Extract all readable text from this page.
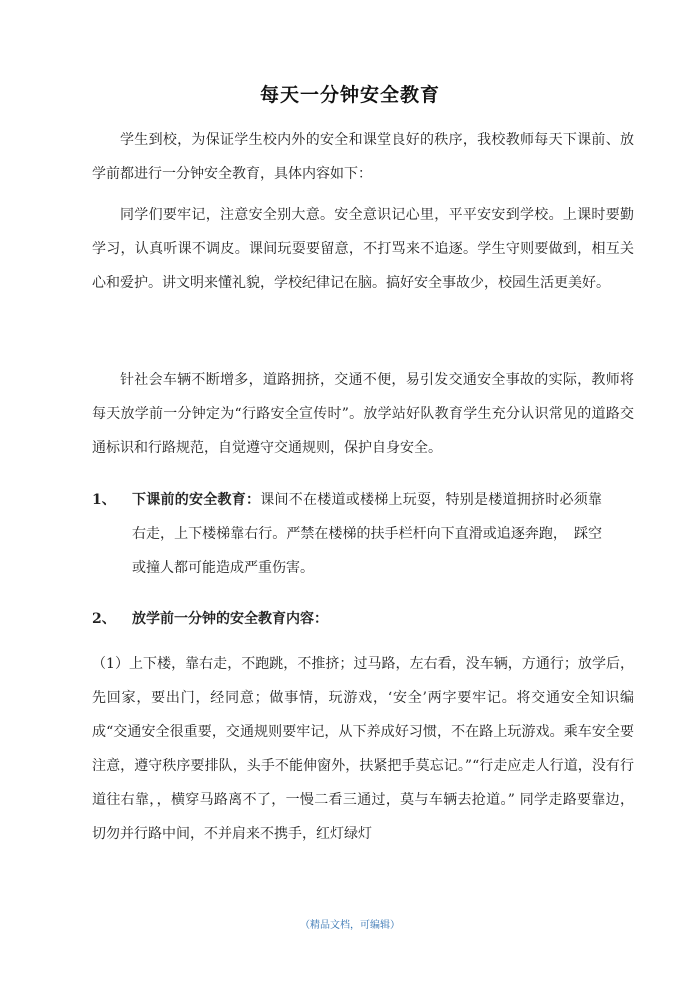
每天一分钟安全教育

学生到校，为保证学生校内外的安全和课堂良好的秩序，我校教师每天下课前、放学前都进行一分钟安全教育，具体内容如下：

同学们要牢记，注意安全别大意。安全意识记心里，平平安安到学校。上课时要勤学习，认真听课不调皮。课间玩耍要留意，不打骂来不追逐。学生守则要做到，相互关心和爱护。讲文明来懂礼貌，学校纪律记在脑。搞好安全事故少，校园生活更美好。

针社会车辆不断增多，道路拥挤，交通不便，易引发交通安全事故的实际，教师将每天放学前一分钟定为“行路安全宣传时”。放学站好队教育学生充分认识常见的道路交通标识和行路规范，自觉遵守交通规则，保护自身安全。

1、	下课前的安全教育：课间不在楼道或楼梯上玩耍，特别是楼道拥挤时必须靠右走，上下楼梯靠右行。严禁在楼梯的扶手栏杆向下直滑或追逐奔跑，　踩空或撞人都可能造成严重伤害。
2、	放学前一分钟的安全教育内容：

（1）上下楼，靠右走，不跑跳，不推挤；过马路，左右看，没车辆，方通行；放学后，先回家，要出门，经同意；做事情，玩游戏，‘安全’两字要牢记。将交通安全知识编成“交通安全很重要，交通规则要牢记，从下养成好习惯，不在路上玩游戏。乘车安全要注意，遵守秩序要排队，头手不能伸窗外，扶紧把手莫忘记。”“行走应走人行道，没有行道往右靠，，横穿马路离不了，一慢二看三通过，莫与车辆去抢道。” 同学走路要靠边，切勿并行路中间，不并肩来不携手，红灯绿灯

（精品文档，可编辑）
